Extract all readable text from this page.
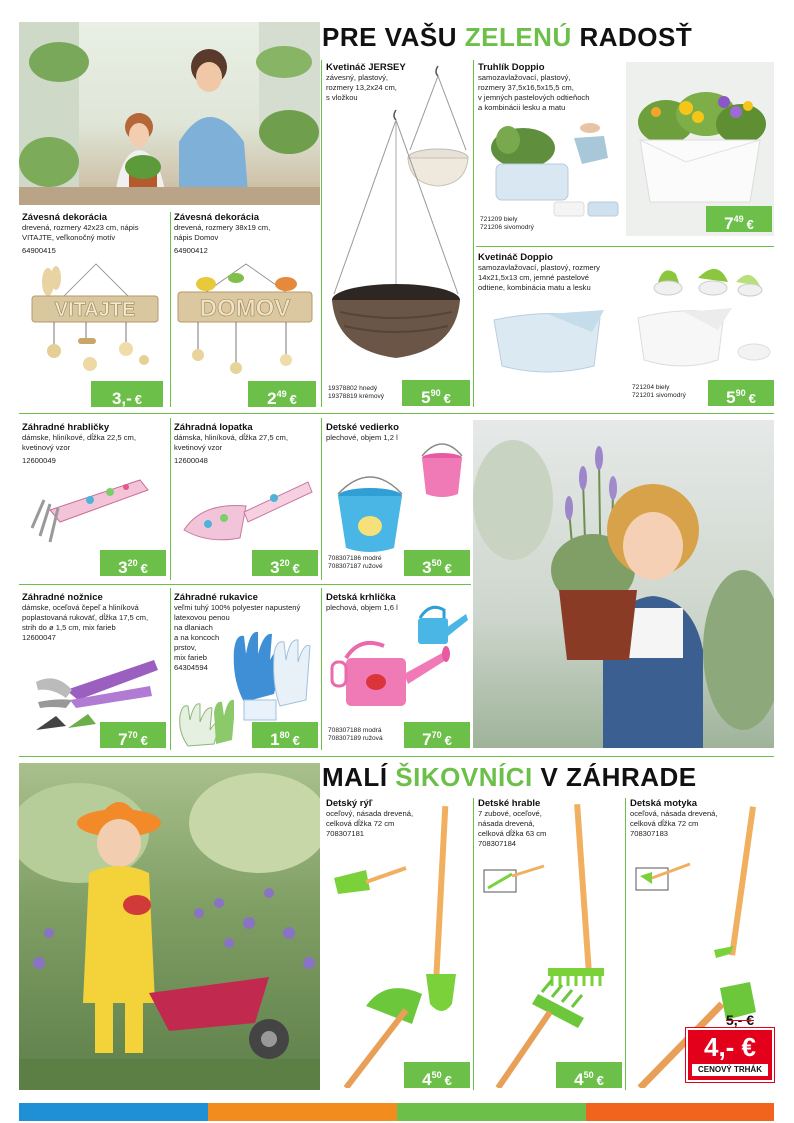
PRE VAŠU ZELENÚ RADOSŤ
Závesná dekorácia
drevená, rozmery 42x23 cm, nápis
VITAJTE, veľkonočný motív
64900415
VITAJTE
3,- €
Závesná dekorácia
drevená, rozmery 38x19 cm,
nápis Domov
64900412
DOMOV
$2^{49}$ €
Kvetináč JERSEY
závesný, plastový,
rozmery 13,2x24 cm,
s vložkou
19378802 hnedý
19378819 krémový	$5^{90}$ €
Truhlík Doppio
samozavlažovací, plastový,
rozmery 37,5x16,5x15,5 cm,
v jemných pastelových odtieňoch
a kombinácii lesku a matu
721209 biely
721206 sivomodrý	$7^{49}$ €
Kvetináč Doppio
samozavlažovací, plastový, rozmery
14x21,5x13 cm, jemné pastelové
odtiene, kombinácia matu a lesku
721204 biely
721201 sivomodrý	$5^{90}$ €
Záhradné hrabličky
dámske, hliníkové, dĺžka 22,5 cm,
kvetinový vzor
12600049
$3^{20}$ €
Záhradná lopatka
dámska, hliníková, dĺžka 27,5 cm,
kvetinový vzor
12600048
$3^{20}$ €
Detské vedierko
plechové, objem 1,2 l
708307186 modré
708307187 ružové	$3^{50}$ €
Záhradné nožnice
dámske, oceľová čepeľ a hliníková
poplastovaná rukoväť, dĺžka 17,5 cm,
strih do ø 1,5 cm, mix farieb
12600047
$7^{70}$ €
Záhradné rukavice
veľmi tuhý 100% polyester napustený
latexovou penou
na dlaniach
a na koncoch
prstov,
mix farieb
64304594
$1^{80}$ €
Detská krhlička
plechová, objem 1,6 l
708307188 modrá
708307189 ružová	$7^{70}$ €
MALÍ ŠIKOVNÍCI V ZÁHRADE
Detský rýľ
oceľový, násada drevená,
celková dĺžka 72 cm
708307181
$4^{50}$ €
Detské hrable
7 zubové, oceľové,
násada drevená,
celková dĺžka 63 cm
708307184
$4^{50}$ €
Detská motyka
oceľová, násada drevená,
celková dĺžka 72 cm
708307183
5,- €
4,- €
CENOVÝ TRHÁK
